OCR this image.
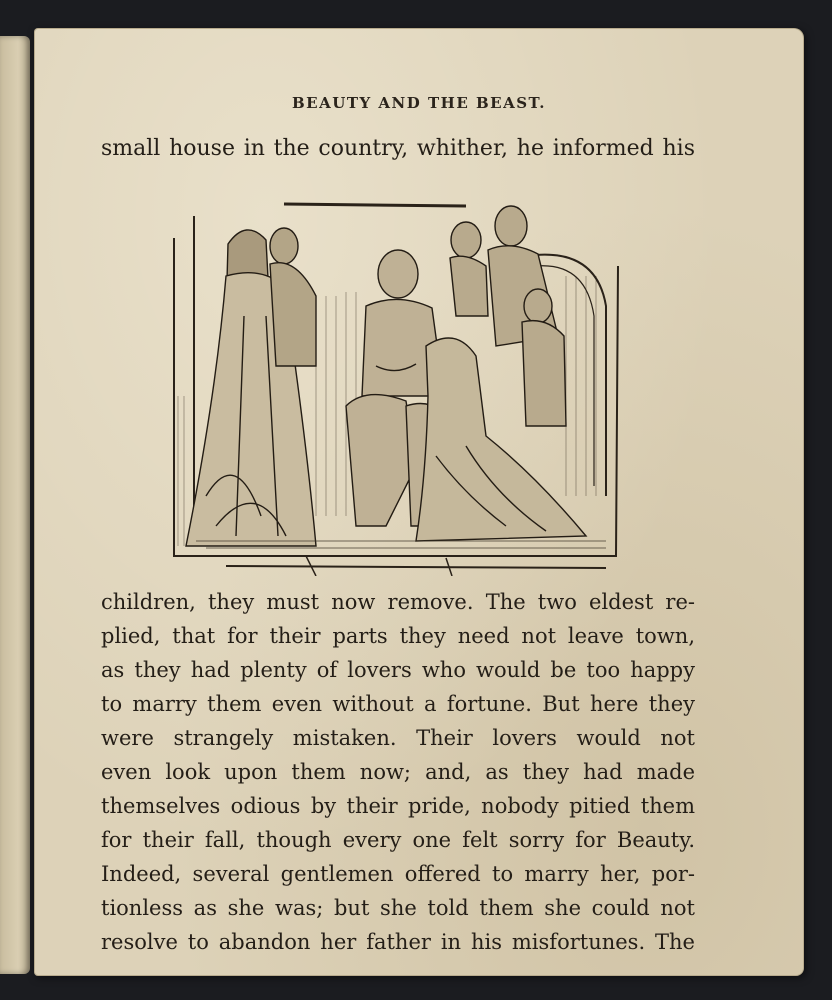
BEAUTY AND THE BEAST.
small house in the country, whither, he informed his
children, they must now remove. The two eldest re-
plied, that for their parts they need not leave town,
as they had plenty of lovers who would be too happy
to marry them even without a fortune. But here they
were strangely mistaken. Their lovers would not
even look upon them now; and, as they had made
themselves odious by their pride, nobody pitied them
for their fall, though every one felt sorry for Beauty.
Indeed, several gentlemen offered to marry her, por-
tionless as she was; but she told them she could not
resolve to abandon her father in his misfortunes. The
